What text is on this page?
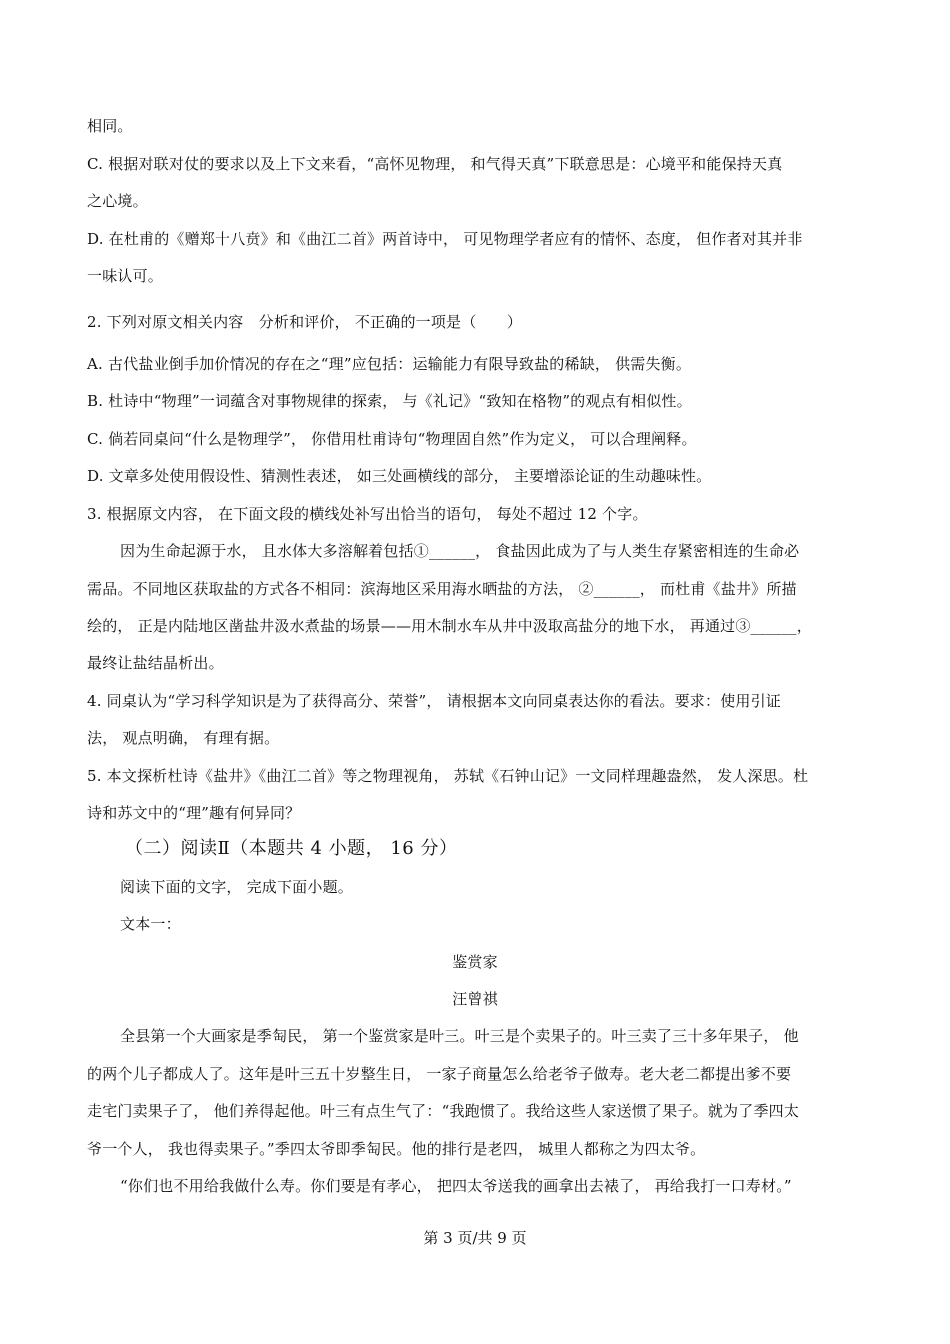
相同。
C. 根据对联对仗的要求以及上下文来看，“高怀见物理， 和气得天真”下联意思是：心境平和能保持天真
之心境。
D. 在杜甫的《赠郑十八贲》和《曲江二首》两首诗中， 可见物理学者应有的情怀、态度， 但作者对其并非
一味认可。
2. 下列对原文相关内容　分析和评价， 不正确的一项是（　　）
A. 古代盐业倒手加价情况的存在之“理”应包括：运输能力有限导致盐的稀缺， 供需失衡。
B. 杜诗中“物理”一词蕴含对事物规律的探索， 与《礼记》“致知在格物”的观点有相似性。
C. 倘若同桌问“什么是物理学”， 你借用杜甫诗句“物理固自然”作为定义， 可以合理阐释。
D. 文章多处使用假设性、猜测性表述， 如三处画横线的部分， 主要增添论证的生动趣味性。
3. 根据原文内容， 在下面文段的横线处补写出恰当的语句， 每处不超过 12 个字。
因为生命起源于水， 且水体大多溶解着包括①______， 食盐因此成为了与人类生存紧密相连的生命必
需品。不同地区获取盐的方式各不相同：滨海地区采用海水晒盐的方法， ②______， 而杜甫《盐井》所描
绘的， 正是内陆地区凿盐井汲水煮盐的场景——用木制水车从井中汲取高盐分的地下水， 再通过③______，
最终让盐结晶析出。
4. 同桌认为“学习科学知识是为了获得高分、荣誉”， 请根据本文向同桌表达你的看法。要求：使用引证
法， 观点明确， 有理有据。
5. 本文探析杜诗《盐井》《曲江二首》等之物理视角， 苏轼《石钟山记》一文同样理趣盎然， 发人深思。杜
诗和苏文中的“理”趣有何异同？
（二）阅读Ⅱ（本题共 4 小题， 16 分）
阅读下面的文字， 完成下面小题。
文本一：
鉴赏家
汪曾祺
全县第一个大画家是季匋民， 第一个鉴赏家是叶三。叶三是个卖果子的。叶三卖了三十多年果子， 他
的两个儿子都成人了。这年是叶三五十岁整生日， 一家子商量怎么给老爷子做寿。老大老二都提出爹不要
走宅门卖果子了， 他们养得起他。叶三有点生气了：“我跑惯了。我给这些人家送惯了果子。就为了季四太
爷一个人， 我也得卖果子。”季四太爷即季匋民。他的排行是老四， 城里人都称之为四太爷。
“你们也不用给我做什么寿。你们要是有孝心， 把四太爷送我的画拿出去裱了， 再给我打一口寿材。”
第 3 页/共 9 页
